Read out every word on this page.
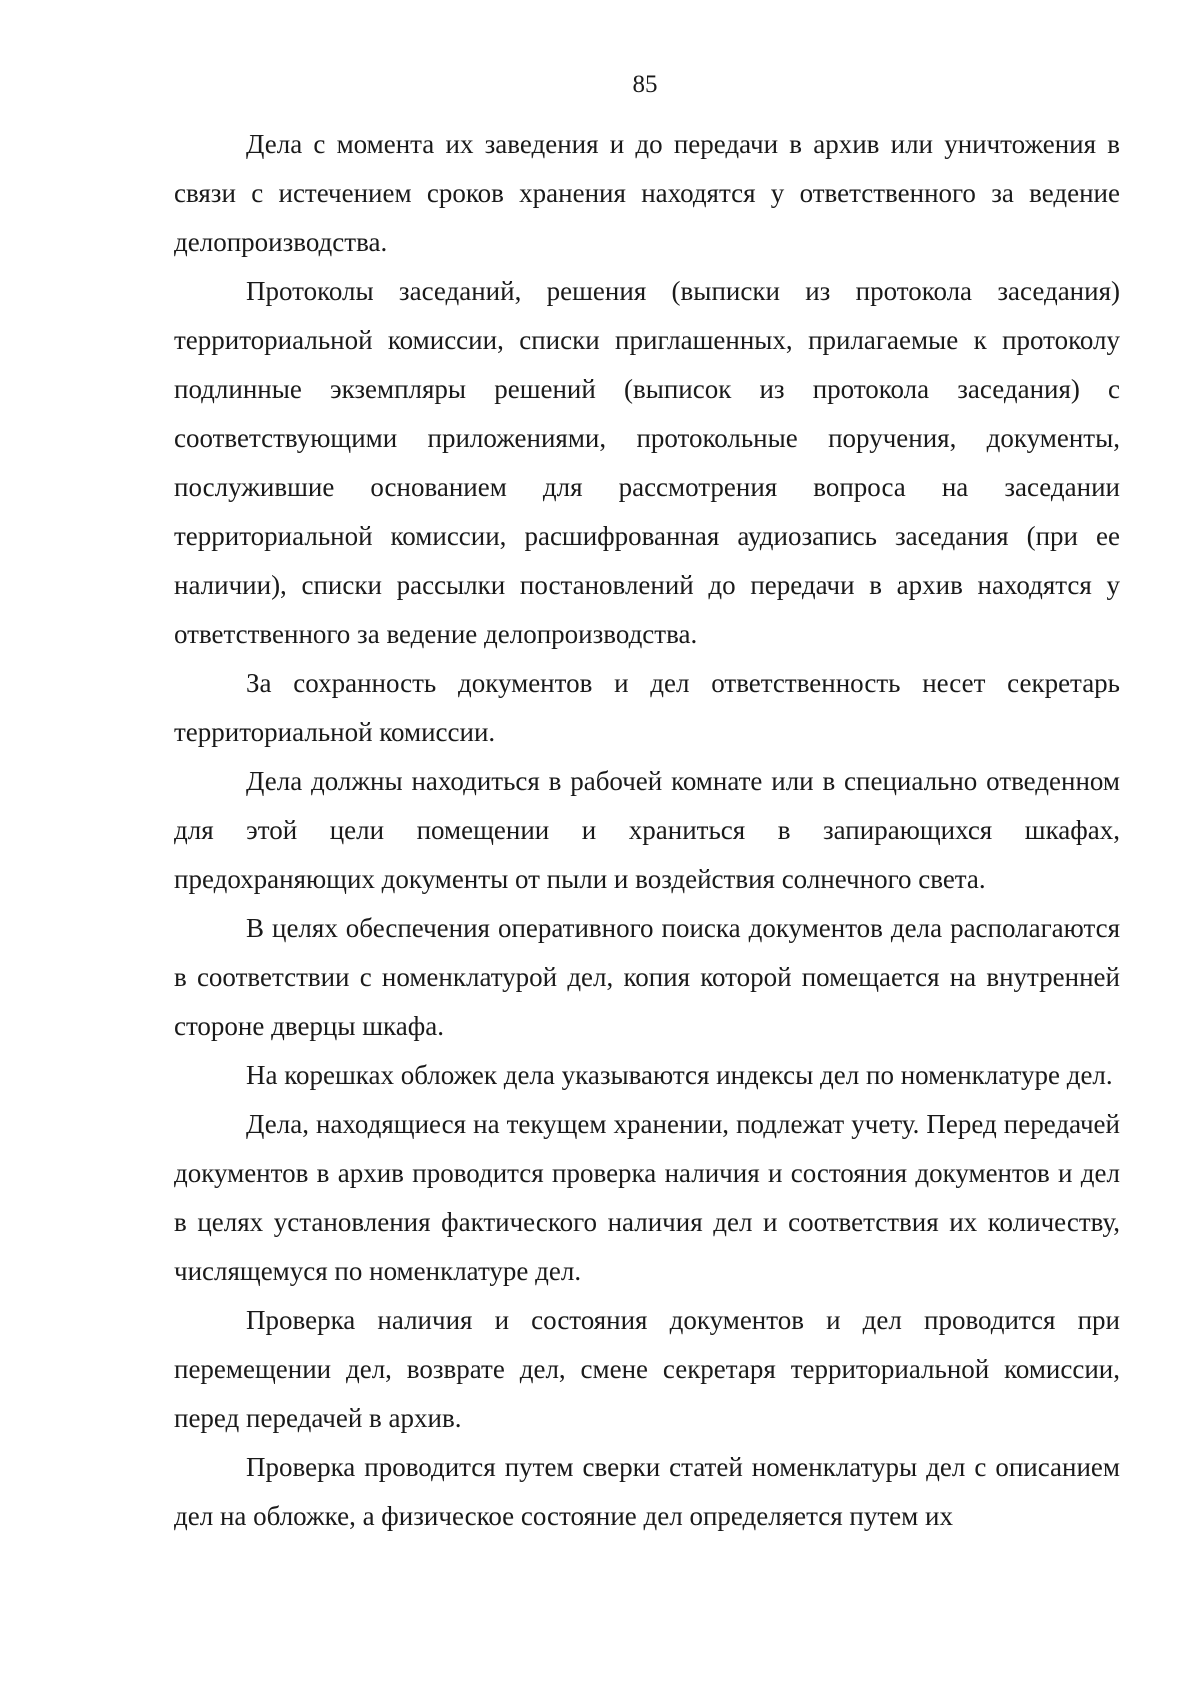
85

Дела с момента их заведения и до передачи в архив или уничтожения в связи с истечением сроков хранения находятся у ответственного за ведение делопроизводства.

Протоколы заседаний, решения (выписки из протокола заседания) территориальной комиссии, списки приглашенных, прилагаемые к протоколу подлинные экземпляры решений (выписок из протокола заседания) с соответствующими приложениями, протокольные поручения, документы, послужившие основанием для рассмотрения вопроса на заседании территориальной комиссии, расшифрованная аудиозапись заседания (при ее наличии), списки рассылки постановлений до передачи в архив находятся у ответственного за ведение делопроизводства.

За сохранность документов и дел ответственность несет секретарь территориальной комиссии.

Дела должны находиться в рабочей комнате или в специально отведенном для этой цели помещении и храниться в запирающихся шкафах, предохраняющих документы от пыли и воздействия солнечного света.

В целях обеспечения оперативного поиска документов дела располагаются в соответствии с номенклатурой дел, копия которой помещается на внутренней стороне дверцы шкафа.

На корешках обложек дела указываются индексы дел по номенклатуре дел.

Дела, находящиеся на текущем хранении, подлежат учету. Перед передачей документов в архив проводится проверка наличия и состояния документов и дел в целях установления фактического наличия дел и соответствия их количеству, числящемуся по номенклатуре дел.

Проверка наличия и состояния документов и дел проводится при перемещении дел, возврате дел, смене секретаря территориальной комиссии, перед передачей в архив.

Проверка проводится путем сверки статей номенклатуры дел с описанием дел на обложке, а физическое состояние дел определяется путем их
